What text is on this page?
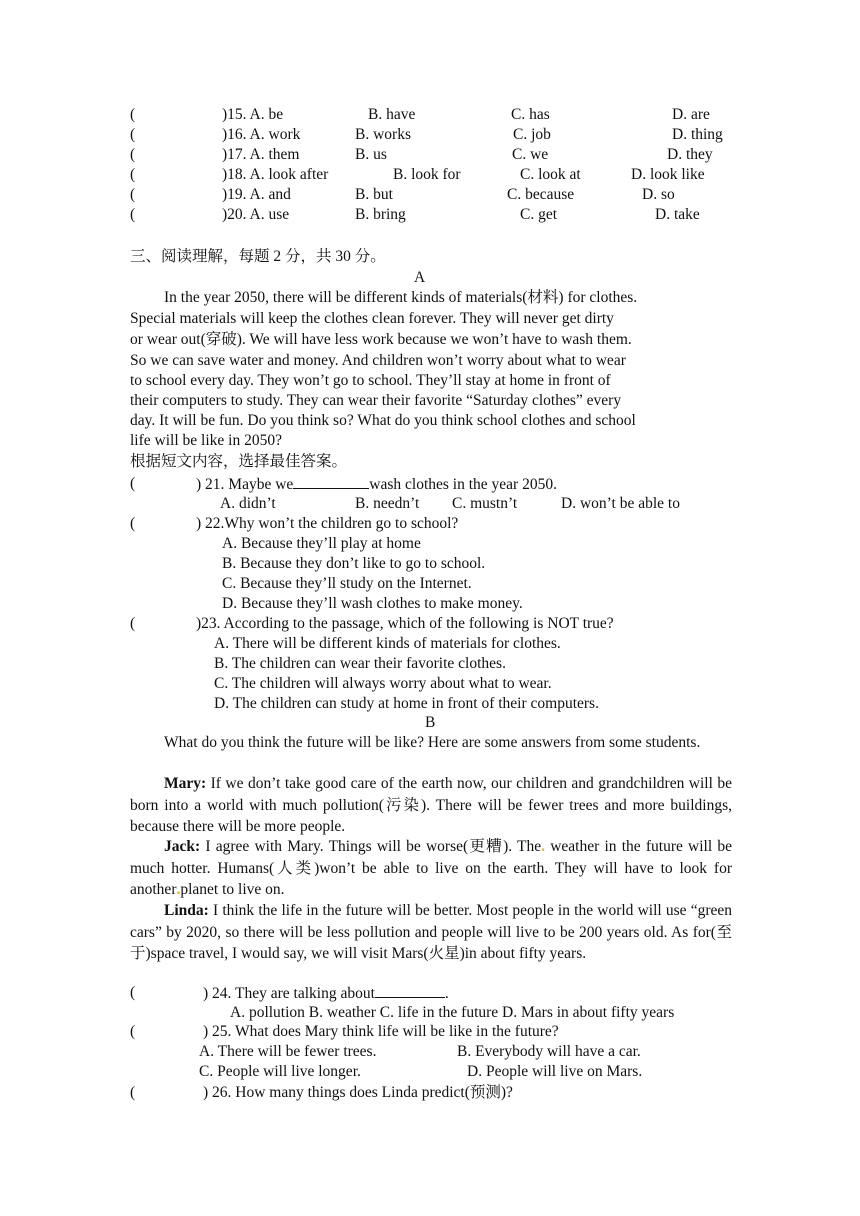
(	)15. A. be	B. have	C. has	D. are
(	)16. A. work	B. works	C. job	D. thing
(	)17. A. them	B. us	C. we	D. they
(	)18. A. look after	B. look for	C. look at	D. look like
(	)19. A. and	B. but	C. because	D. so
(	)20. A. use	B. bring	C. get	D. take
三、阅读理解，每题 2 分，共 30 分。
A
In the year 2050, there will be different kinds of materials(材料) for clothes.
Special materials will keep the clothes clean forever. They will never get dirty
or wear out(穿破). We will have less work because we won’t have to wash them.
So we can save water and money. And children won’t worry about what to wear
to school every day. They won’t go to school. They’ll stay at home in front of
their computers to study. They can wear their favorite “Saturday clothes” every
day. It will be fun. Do you think so? What do you think school clothes and school
life will be like in 2050?
根据短文内容，选择最佳答案。
(	) 21. Maybe we	wash clothes in the year 2050.
A. didn’t	B. needn’t C. mustn’t	D. won’t be able to
(	) 22.Why won’t the children go to school?
A. Because they’ll play at home
B. Because they don’t like to go to school.
C. Because they’ll study on the Internet.
D. Because they’ll wash clothes to make money.
(	)23. According to the passage, which of the following is NOT true?
A. There will be different kinds of materials for clothes.
B. The children can wear their favorite clothes.
C. The children will always worry about what to wear.
D. The children can study at home in front of their computers.
B
What do you think the future will be like? Here are some answers from some students.
Mary: If we don’t take good care of the earth now, our children and grandchildren will be born into a world with much pollution(污染). There will be fewer trees and more buildings, because there will be more people.
Jack: I agree with Mary. Things will be worse(更糟). The. weather in the future will be much hotter. Humans(人类)won’t be able to live on the earth. They will have to look for another.planet to live on.
Linda: I think the life in the future will be better. Most people in the world will use “green cars” by 2020, so there will be less pollution and people will live to be 200 years old. As for(至于)space travel, I would say, we will visit Mars(火星)in about fifty years.
(	) 24. They are talking about	.
A. pollution B. weather C. life in the future D. Mars in about fifty years
(	) 25. What does Mary think life will be like in the future?
A. There will be fewer trees.	B. Everybody will have a car.
C. People will live longer.	D. People will live on Mars.
(	) 26. How many things does Linda predict(预测)?
